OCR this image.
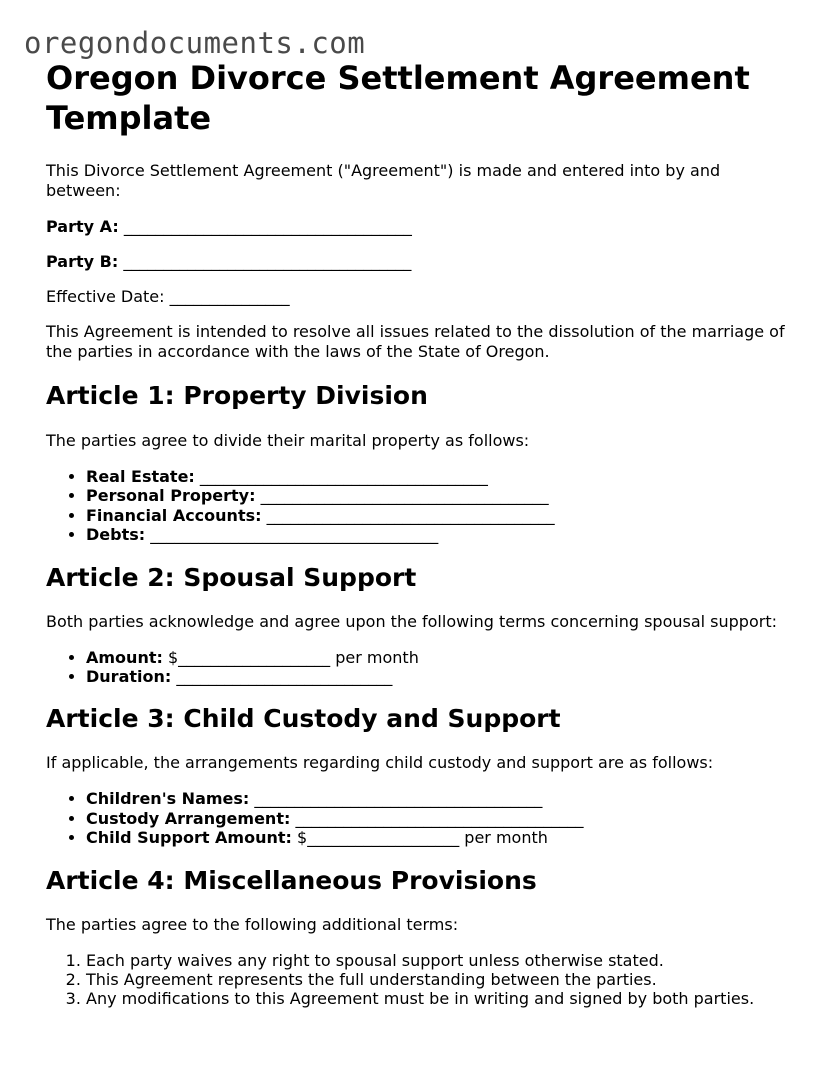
oregondocuments.com
Oregon Divorce Settlement Agreement Template

This Divorce Settlement Agreement ("Agreement") is made and entered into by and between:

Party A: ____________________________________

Party B: ____________________________________

Effective Date: _______________

This Agreement is intended to resolve all issues related to the dissolution of the marriage of the parties in accordance with the laws of the State of Oregon.

Article 1: Property Division

The parties agree to divide their marital property as follows:

• Real Estate: ____________________________________
• Personal Property: ____________________________________
• Financial Accounts: ____________________________________
• Debts: ____________________________________
Article 2: Spousal Support

Both parties acknowledge and agree upon the following terms concerning spousal support:

• Amount: $___________________ per month
• Duration: ___________________________
Article 3: Child Custody and Support

If applicable, the arrangements regarding child custody and support are as follows:

• Children's Names: ____________________________________
• Custody Arrangement: ____________________________________
• Child Support Amount: $___________________ per month
Article 4: Miscellaneous Provisions

The parties agree to the following additional terms:

1. Each party waives any right to spousal support unless otherwise stated.
2. This Agreement represents the full understanding between the parties.
3. Any modifications to this Agreement must be in writing and signed by both parties.
